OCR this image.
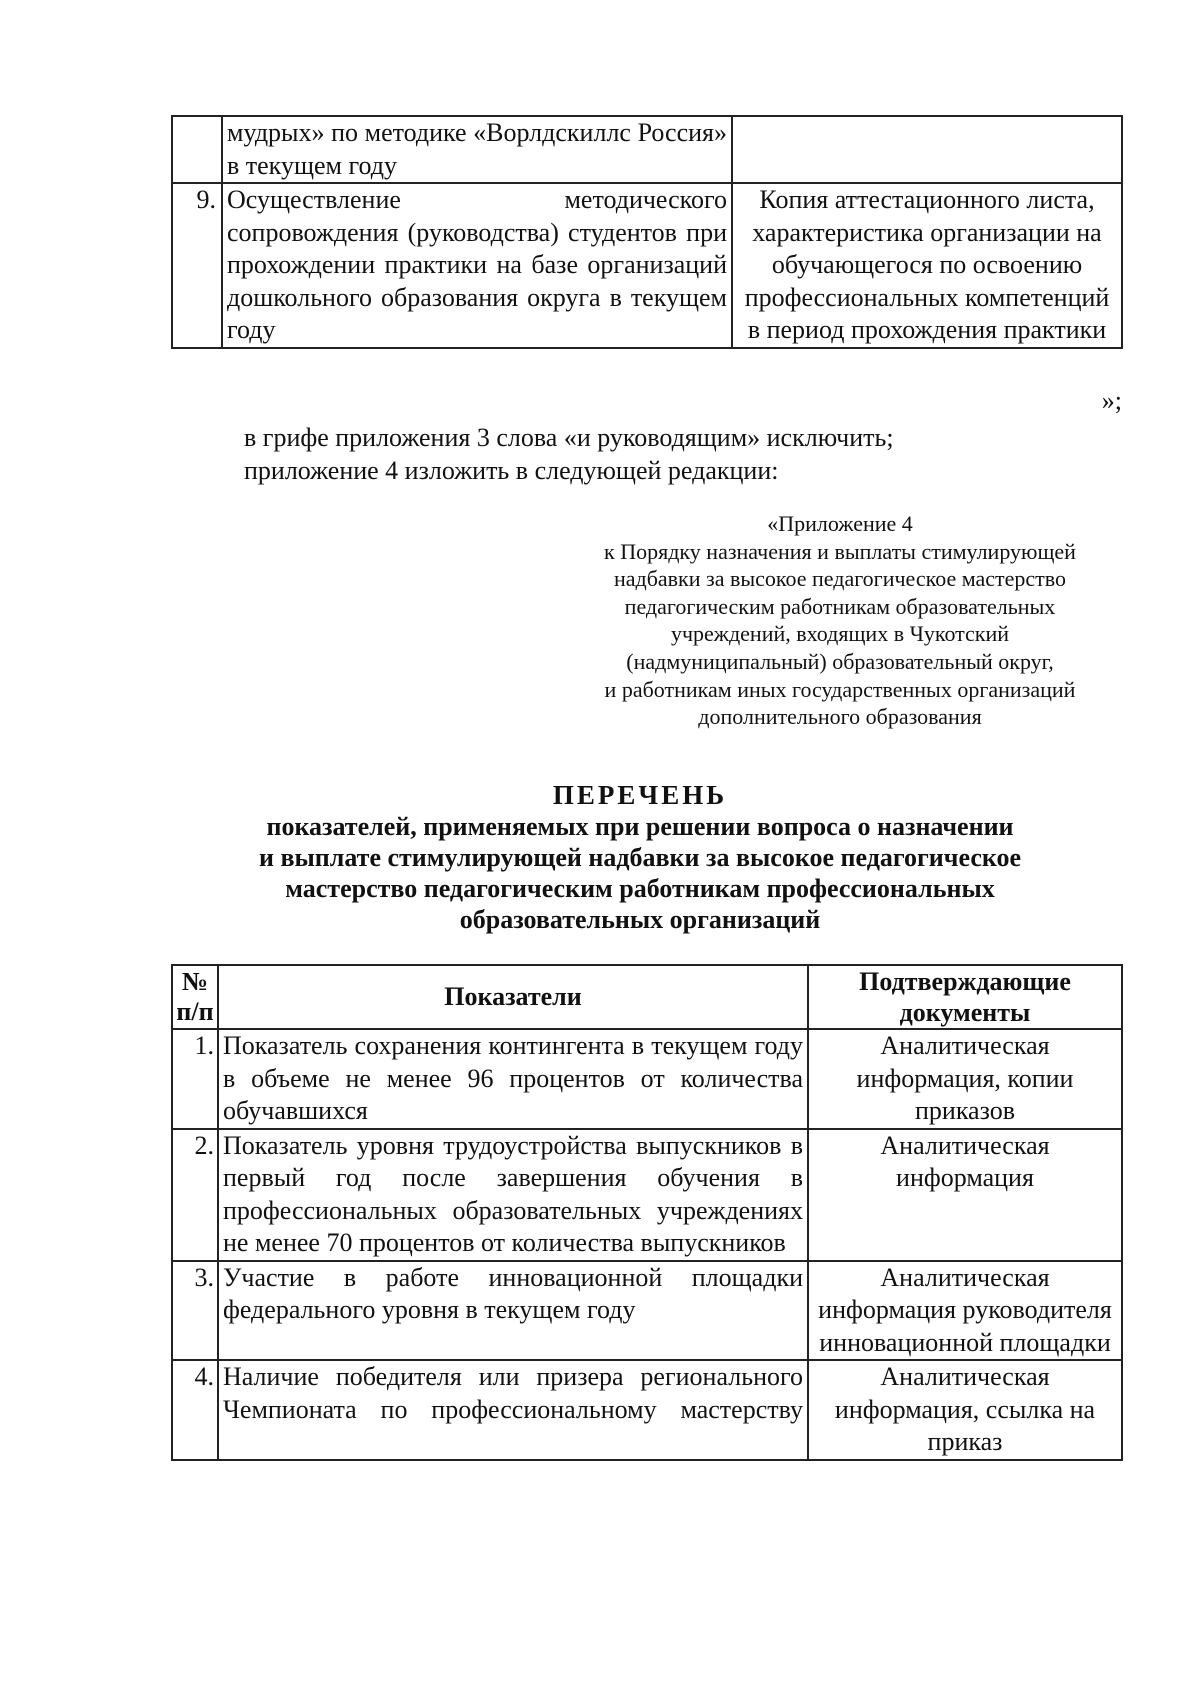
	мудрых» по методике «Ворлдскиллс Россия» в текущем году	
9.	Осуществление методического сопровождения (руководства) студентов при прохождении практики на базе организаций дошкольного образования округа в текущем году	Копия аттестационного листа, характеристика организации на обучающегося по освоению профессиональных компетенций в период прохождения практики
»;
в грифе приложения 3 слова «и руководящим» исключить;
приложение 4 изложить в следующей редакции:
«Приложение 4
к Порядку назначения и выплаты стимулирующей
надбавки за высокое педагогическое мастерство
педагогическим работникам образовательных
учреждений, входящих в Чукотский
(надмуниципальный) образовательный округ,
и работникам иных государственных организаций
дополнительного образования
ПЕРЕЧЕНЬ
показателей, применяемых при решении вопроса о назначении
и выплате стимулирующей надбавки за высокое педагогическое
мастерство педагогическим работникам профессиональных
образовательных организаций
№ п/п	Показатели	Подтверждающие документы
1.	Показатель сохранения контингента в текущем году в объеме не менее 96 процентов от количества обучавшихся	Аналитическая информация, копии приказов
2.	Показатель уровня трудоустройства выпускников в первый год после завершения обучения в профессиональных образовательных учреждениях не менее 70 процентов от количества выпускников	Аналитическая информация
3.	Участие в работе инновационной площадки федерального уровня в текущем году	Аналитическая информация руководителя инновационной площадки
4.	Наличие победителя или призера регионального Чемпионата по профессиональному мастерству	Аналитическая информация, ссылка на приказ
